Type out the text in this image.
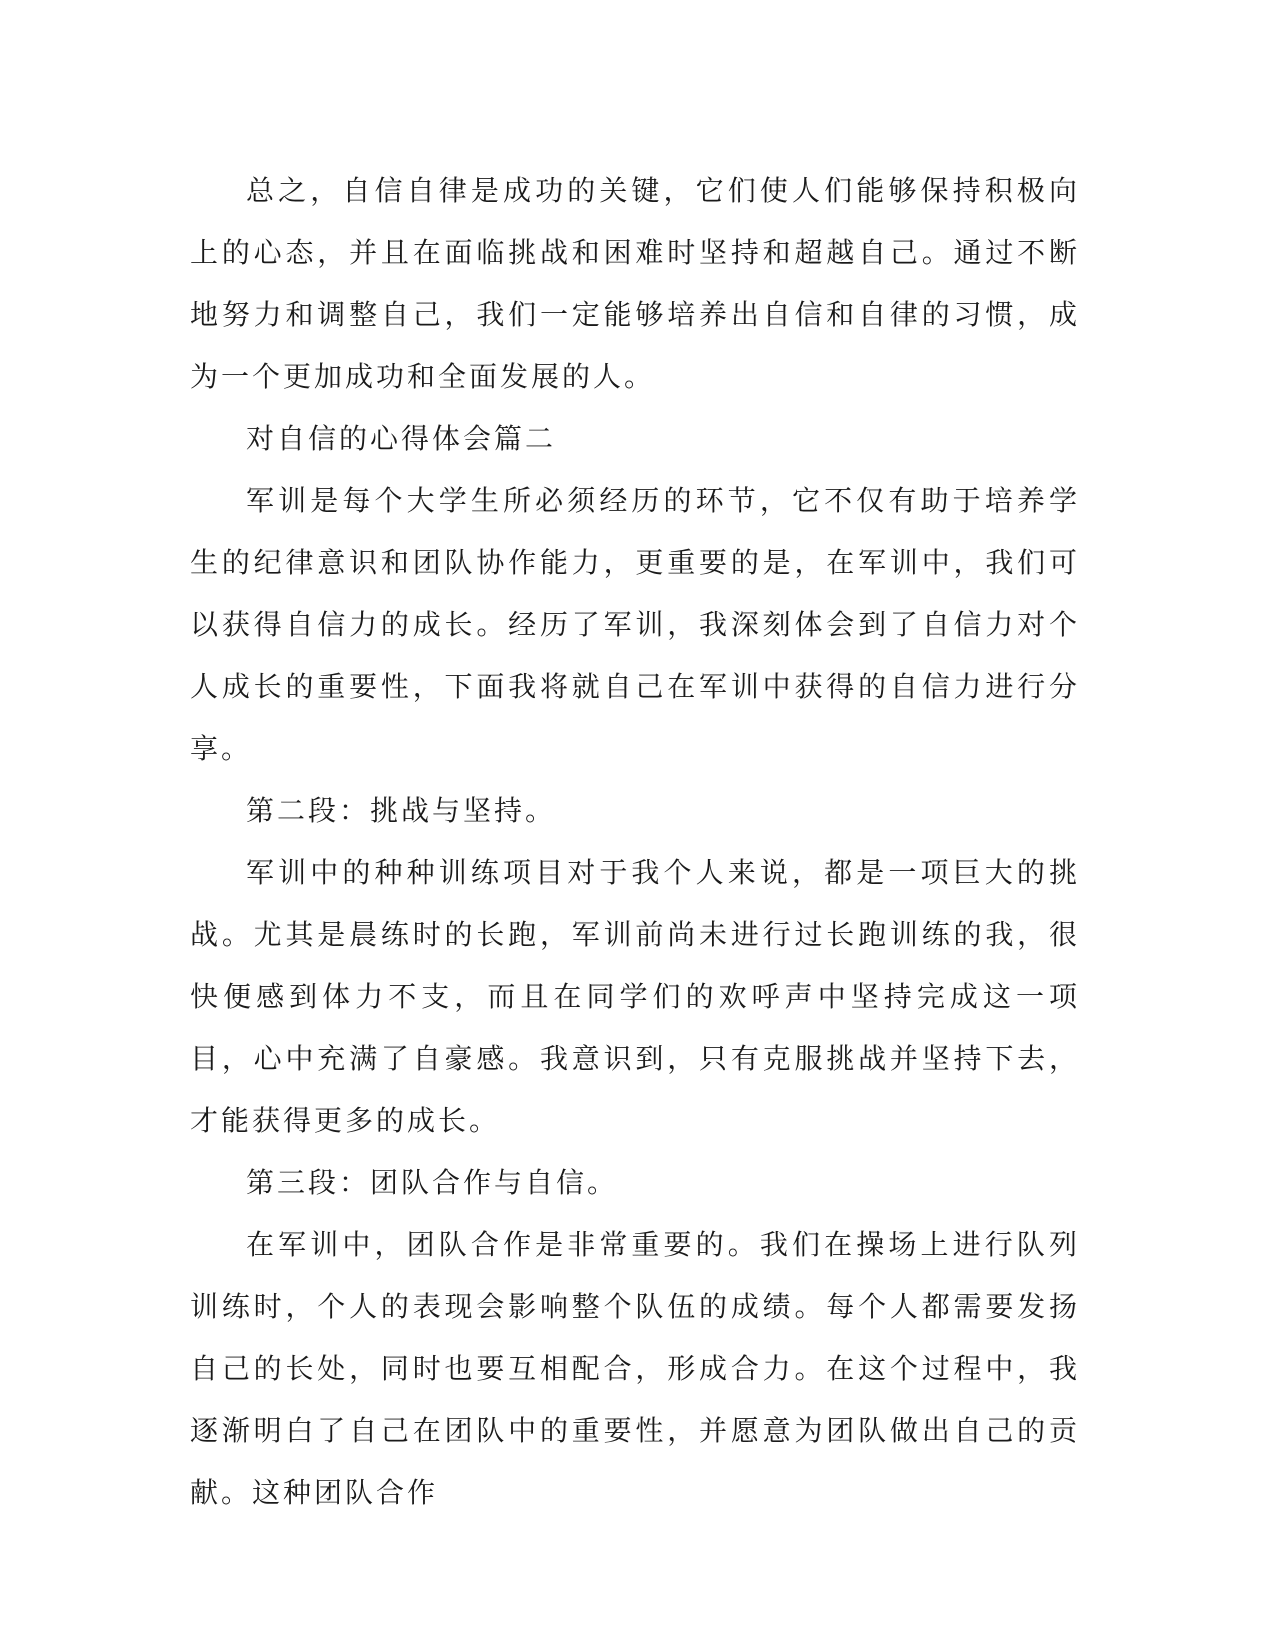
总之，自信自律是成功的关键，它们使人们能够保持积极向上的心态，并且在面临挑战和困难时坚持和超越自己。通过不断地努力和调整自己，我们一定能够培养出自信和自律的习惯，成为一个更加成功和全面发展的人。

对自信的心得体会篇二

军训是每个大学生所必须经历的环节，它不仅有助于培养学生的纪律意识和团队协作能力，更重要的是，在军训中，我们可以获得自信力的成长。经历了军训，我深刻体会到了自信力对个人成长的重要性，下面我将就自己在军训中获得的自信力进行分享。

第二段：挑战与坚持。

军训中的种种训练项目对于我个人来说，都是一项巨大的挑战。尤其是晨练时的长跑，军训前尚未进行过长跑训练的我，很快便感到体力不支，而且在同学们的欢呼声中坚持完成这一项目，心中充满了自豪感。我意识到，只有克服挑战并坚持下去，才能获得更多的成长。

第三段：团队合作与自信。

在军训中，团队合作是非常重要的。我们在操场上进行队列训练时，个人的表现会影响整个队伍的成绩。每个人都需要发扬自己的长处，同时也要互相配合，形成合力。在这个过程中，我逐渐明白了自己在团队中的重要性，并愿意为团队做出自己的贡献。这种团队合作
